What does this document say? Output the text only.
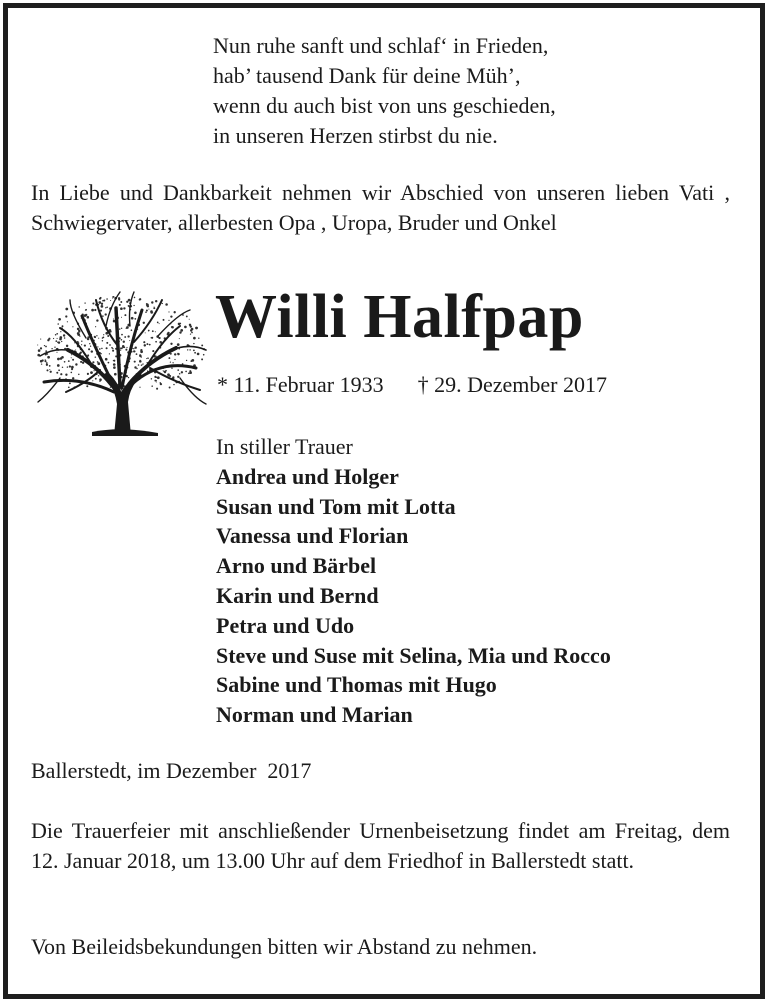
Nun ruhe sanft und schlaf‘ in Frieden,
hab’ tausend Dank für deine Müh’,
wenn du auch bist von uns geschieden,
in unseren Herzen stirbst du nie.
In Liebe und Dankbarkeit nehmen wir Abschied von unseren lieben Vati , Schwiegervater, allerbesten Opa , Uropa, Bruder und Onkel
Willi Halfpap
* 11. Februar 1933 † 29. Dezember 2017
In stiller Trauer
Andrea und Holger
Susan und Tom mit Lotta
Vanessa und Florian
Arno und Bärbel
Karin und Bernd
Petra und Udo
Steve und Suse mit Selina, Mia und Rocco
Sabine und Thomas mit Hugo
Norman und Marian
Ballerstedt, im Dezember  2017
Die Trauerfeier mit anschließender Urnenbeisetzung findet am Freitag, dem 12. Januar 2018, um 13.00 Uhr auf dem Friedhof in Ballerstedt statt.
Von Beileidsbekundungen bitten wir Abstand zu nehmen.
